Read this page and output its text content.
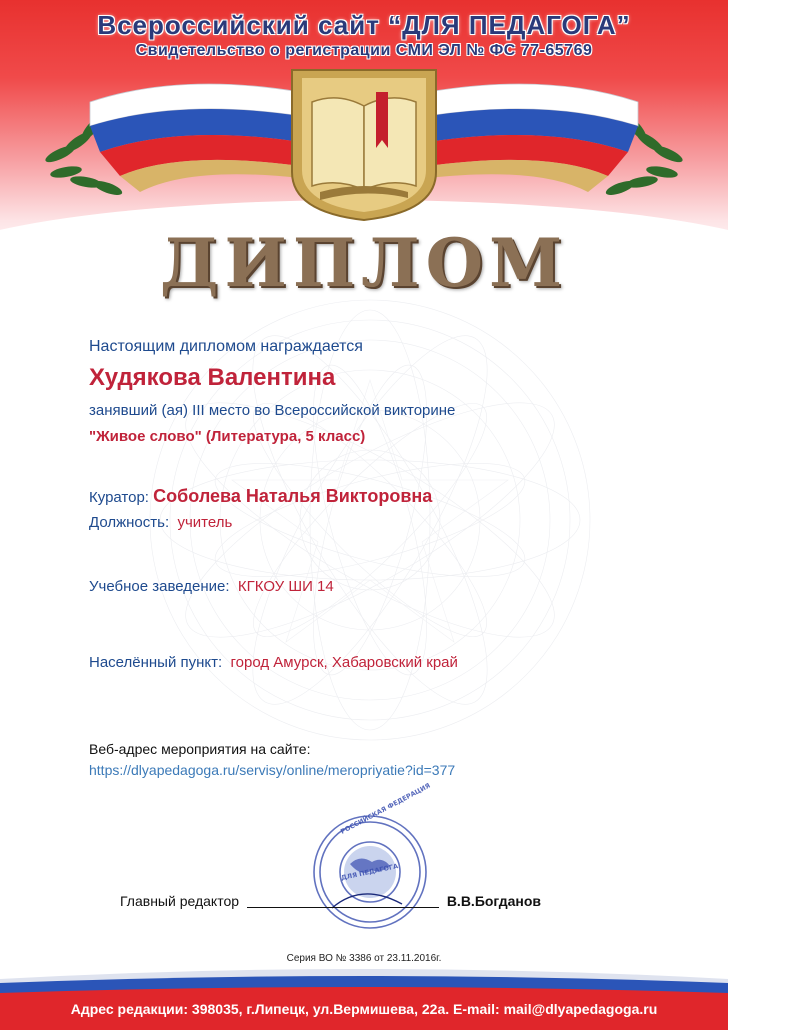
Всероссийский сайт “ДЛЯ ПЕДАГОГА”
Свидетельство о регистрации СМИ ЭЛ № ФС 77-65769
ДИПЛОМ
Настоящим дипломом награждается
Худякова Валентина
занявший (ая) III место во Всероссийской викторине
"Живое слово" (Литература, 5 класс)
Куратор: Соболева Наталья Викторовна
Должность: учитель
Учебное заведение: КГКОУ ШИ 14
Населённый пункт: город Амурск, Хабаровский край
Веб-адрес мероприятия на сайте:
https://dlyapedagoga.ru/servisy/online/meropriyatie?id=377
ДЛЯ ПЕДАГОГА
РОССИЙСКАЯ ФЕДЕРАЦИЯ
Главный редактор	В.В.Богданов
Серия ВО № 3386 от 23.11.2016г.
Адрес редакции: 398035, г.Липецк, ул.Вермишева, 22а. E-mail: mail@dlyapedagoga.ru
